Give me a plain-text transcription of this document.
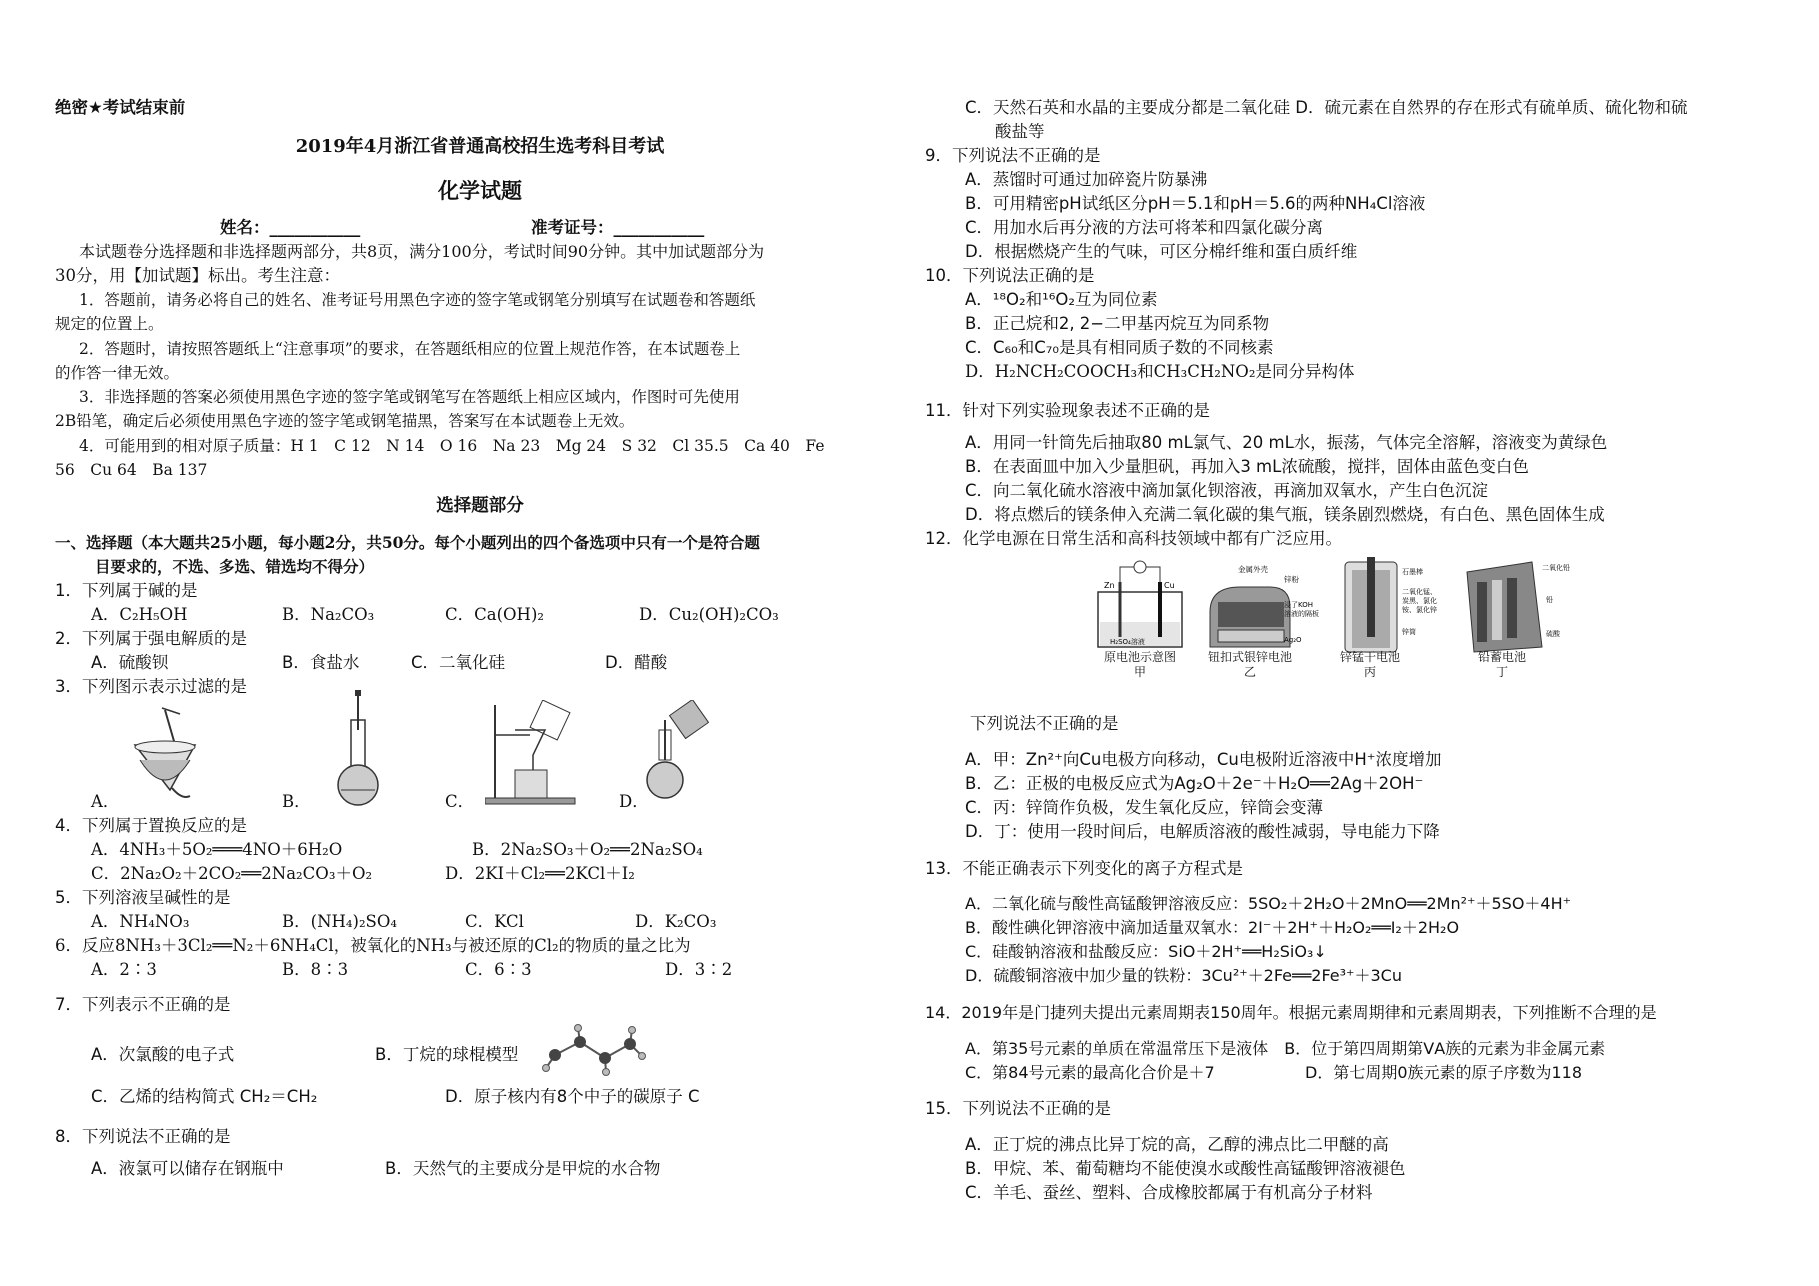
绝密★考试结束前
2019年4月浙江省普通高校招生选考科目考试
化学试题
姓名：___________	准考证号：___________
本试题卷分选择题和非选择题两部分，共8页，满分100分，考试时间90分钟。其中加试题部分为
30分，用【加试题】标出。考生注意：
1．答题前，请务必将自己的姓名、准考证号用黑色字迹的签字笔或钢笔分别填写在试题卷和答题纸
规定的位置上。
2．答题时，请按照答题纸上“注意事项”的要求，在答题纸相应的位置上规范作答，在本试题卷上
的作答一律无效。
3．非选择题的答案必须使用黑色字迹的签字笔或钢笔写在答题纸上相应区域内，作图时可先使用
2B铅笔，确定后必须使用黑色字迹的签字笔或钢笔描黑，答案写在本试题卷上无效。
4．可能用到的相对原子质量：H 1　C 12　N 14　O 16　Na 23　Mg 24　S 32　Cl 35.5　Ca 40　Fe
56　Cu 64　Ba 137
选择题部分
一、选择题（本大题共25小题，每小题2分，共50分。每个小题列出的四个备选项中只有一个是符合题
目要求的，不选、多选、错选均不得分）
1．下列属于碱的是
A．C₂H₅OH	B．Na₂CO₃	C．Ca(OH)₂	D．Cu₂(OH)₂CO₃
2．下列属于强电解质的是
A．硫酸钡	B．食盐水	C．二氧化硅	D．醋酸
3．下列图示表示过滤的是
A．	B．	C．	D．
4．下列属于置换反应的是
A．4NH₃＋5O₂═══4NO＋6H₂O	B．2Na₂SO₃＋O₂══2Na₂SO₄
C．2Na₂O₂＋2CO₂══2Na₂CO₃＋O₂	D．2KI＋Cl₂══2KCl＋I₂
5．下列溶液呈碱性的是
A．NH₄NO₃	B．(NH₄)₂SO₄	C．KCl	D．K₂CO₃
6．反应8NH₃＋3Cl₂══N₂＋6NH₄Cl，被氧化的NH₃与被还原的Cl₂的物质的量之比为
A．2∶3	B．8∶3	C．6∶3	D．3∶2
7．下列表示不正确的是
A．次氯酸的电子式	B．丁烷的球棍模型
C．乙烯的结构简式 CH₂＝CH₂	D．原子核内有8个中子的碳原子 C
8．下列说法不正确的是
A．液氯可以储存在钢瓶中	B．天然气的主要成分是甲烷的水合物
C．天然石英和水晶的主要成分都是二氧化硅 D．硫元素在自然界的存在形式有硫单质、硫化物和硫
酸盐等
9．下列说法不正确的是
A．蒸馏时可通过加碎瓷片防暴沸
B．可用精密pH试纸区分pH＝5.1和pH＝5.6的两种NH₄Cl溶液
C．用加水后再分液的方法可将苯和四氯化碳分离
D．根据燃烧产生的气味，可区分棉纤维和蛋白质纤维
10．下列说法正确的是
A．¹⁸O₂和¹⁶O₂互为同位素
B．正己烷和2, 2−二甲基丙烷互为同系物
C．C₆₀和C₇₀是具有相同质子数的不同核素
D．H₂NCH₂COOCH₃和CH₃CH₂NO₂是同分异构体
11．针对下列实验现象表述不正确的是
A．用同一针筒先后抽取80 mL氯气、20 mL水，振荡，气体完全溶解，溶液变为黄绿色
B．在表面皿中加入少量胆矾，再加入3 mL浓硫酸，搅拌，固体由蓝色变白色
C．向二氧化硫水溶液中滴加氯化钡溶液，再滴加双氧水，产生白色沉淀
D．将点燃后的镁条伸入充满二氧化碳的集气瓶，镁条剧烈燃烧，有白色、黑色固体生成
12．化学电源在日常生活和高科技领域中都有广泛应用。
Zn	Cu
H₂SO₄溶液
金属外壳
锌粉
浸了KOH
溶液的隔板
Ag₂O
石墨棒
二氧化锰、
炭黑、氯化
铵、氯化锌
锌筒
二氧化铅
铅
硫酸
原电池示意图
甲
钮扣式银锌电池
乙
锌锰干电池
丙
铅蓄电池
丁
下列说法不正确的是
A．甲：Zn²⁺向Cu电极方向移动，Cu电极附近溶液中H⁺浓度增加
B．乙：正极的电极反应式为Ag₂O＋2e⁻＋H₂O══2Ag＋2OH⁻
C．丙：锌筒作负极，发生氧化反应，锌筒会变薄
D．丁：使用一段时间后，电解质溶液的酸性减弱，导电能力下降
13．不能正确表示下列变化的离子方程式是
A．二氧化硫与酸性高锰酸钾溶液反应：5SO₂＋2H₂O＋2MnO══2Mn²⁺＋5SO＋4H⁺
B．酸性碘化钾溶液中滴加适量双氧水：2I⁻＋2H⁺＋H₂O₂══I₂＋2H₂O
C．硅酸钠溶液和盐酸反应：SiO＋2H⁺══H₂SiO₃↓
D．硫酸铜溶液中加少量的铁粉：3Cu²⁺＋2Fe══2Fe³⁺＋3Cu
14．2019年是门捷列夫提出元素周期表150周年。根据元素周期律和元素周期表，下列推断不合理的是
A．第35号元素的单质在常温常压下是液体　B．位于第四周期第ⅤA族的元素为非金属元素
C．第84号元素的最高化合价是＋7	D．第七周期0族元素的原子序数为118
15．下列说法不正确的是
A．正丁烷的沸点比异丁烷的高，乙醇的沸点比二甲醚的高
B．甲烷、苯、葡萄糖均不能使溴水或酸性高锰酸钾溶液褪色
C．羊毛、蚕丝、塑料、合成橡胶都属于有机高分子材料
